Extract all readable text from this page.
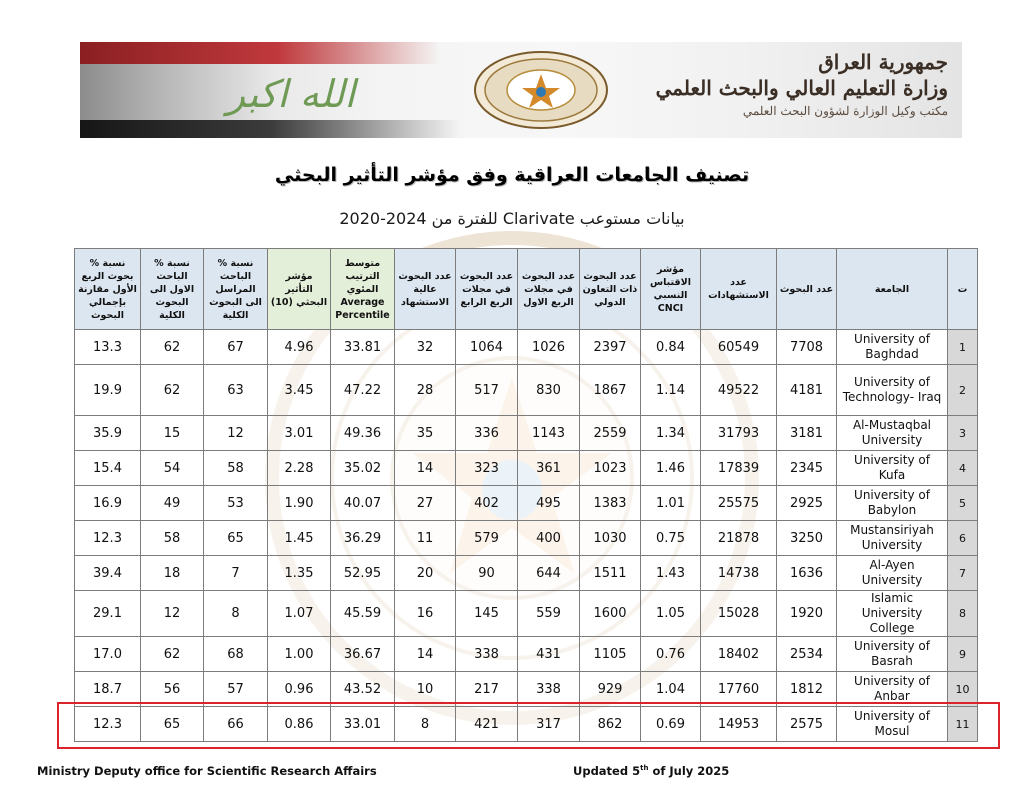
الله اكبر
جمهورية العراق
وزارة التعليم العالي والبحث العلمي
مكتب وكيل الوزارة لشؤون البحث العلمي
تصنيف الجامعات العراقية وفق مؤشر التأثير البحثي
بيانات مستوعب Clarivate للفترة من 2024-2020
ت	الجامعة	عدد البحوث	عدد الاستشهادات	مؤشر الاقتباس النسبي CNCI	عدد البحوث ذات التعاون الدولي	عدد البحوث في مجلات الربع الاول	عدد البحوث في مجلات الربع الرابع	عدد البحوث عالية الاستشهاد	متوسط الترتيب المئوي Average Percentile	مؤشر التأثير البحثي (10)	نسبة % الباحث المراسل الى البحوث الكلية	نسبة % الباحث الاول الى البحوث الكلية	نسبة % بحوث الربع الأول مقارنة بإجمالي البحوث
1	University of Baghdad	7708	60549	0.84	2397	1026	1064	32	33.81	4.96	67	62	13.3
2	University of Technology- Iraq	4181	49522	1.14	1867	830	517	28	47.22	3.45	63	62	19.9
3	Al-Mustaqbal University	3181	31793	1.34	2559	1143	336	35	49.36	3.01	12	15	35.9
4	University of Kufa	2345	17839	1.46	1023	361	323	14	35.02	2.28	58	54	15.4
5	University of Babylon	2925	25575	1.01	1383	495	402	27	40.07	1.90	53	49	16.9
6	Mustansiriyah University	3250	21878	0.75	1030	400	579	11	36.29	1.45	65	58	12.3
7	Al-Ayen University	1636	14738	1.43	1511	644	90	20	52.95	1.35	7	18	39.4
8	Islamic University College	1920	15028	1.05	1600	559	145	16	45.59	1.07	8	12	29.1
9	University of Basrah	2534	18402	0.76	1105	431	338	14	36.67	1.00	68	62	17.0
10	University of Anbar	1812	17760	1.04	929	338	217	10	43.52	0.96	57	56	18.7
11	University of Mosul	2575	14953	0.69	862	317	421	8	33.01	0.86	66	65	12.3
Ministry Deputy office for Scientific Research Affairs	Updated 5th of July 2025
